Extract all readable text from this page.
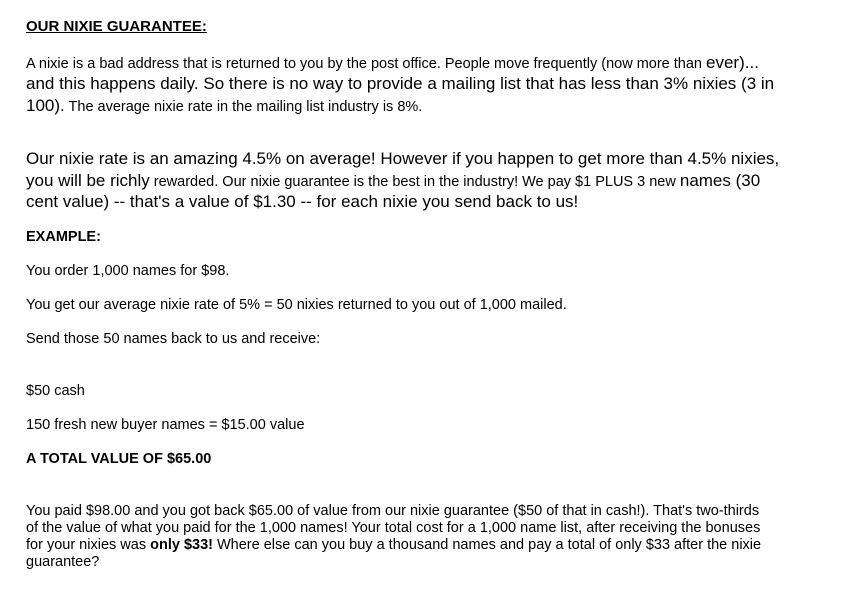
OUR NIXIE GUARANTEE:
A nixie is a bad address that is returned to you by the post office. People move frequently (now more than ever)...
and this happens daily. So there is no way to provide a mailing list that has less than 3% nixies (3 in
100). The average nixie rate in the mailing list industry is 8%.
Our nixie rate is an amazing 4.5% on average! However if you happen to get more than 4.5% nixies,
you will be richly rewarded. Our nixie guarantee is the best in the industry! We pay $1 PLUS 3 new names (30
cent value) -- that's a value of $1.30 -- for each nixie you send back to us!
EXAMPLE:
You order 1,000 names for $98.
You get our average nixie rate of 5% = 50 nixies returned to you out of 1,000 mailed.
Send those 50 names back to us and receive:
$50 cash
150 fresh new buyer names = $15.00 value
A TOTAL VALUE OF $65.00
You paid $98.00 and you got back $65.00 of value from our nixie guarantee ($50 of that in cash!). That's two-thirds
of the value of what you paid for the 1,000 names! Your total cost for a 1,000 name list, after receiving the bonuses
for your nixies was only $33! Where else can you buy a thousand names and pay a total of only $33 after the nixie
guarantee?
